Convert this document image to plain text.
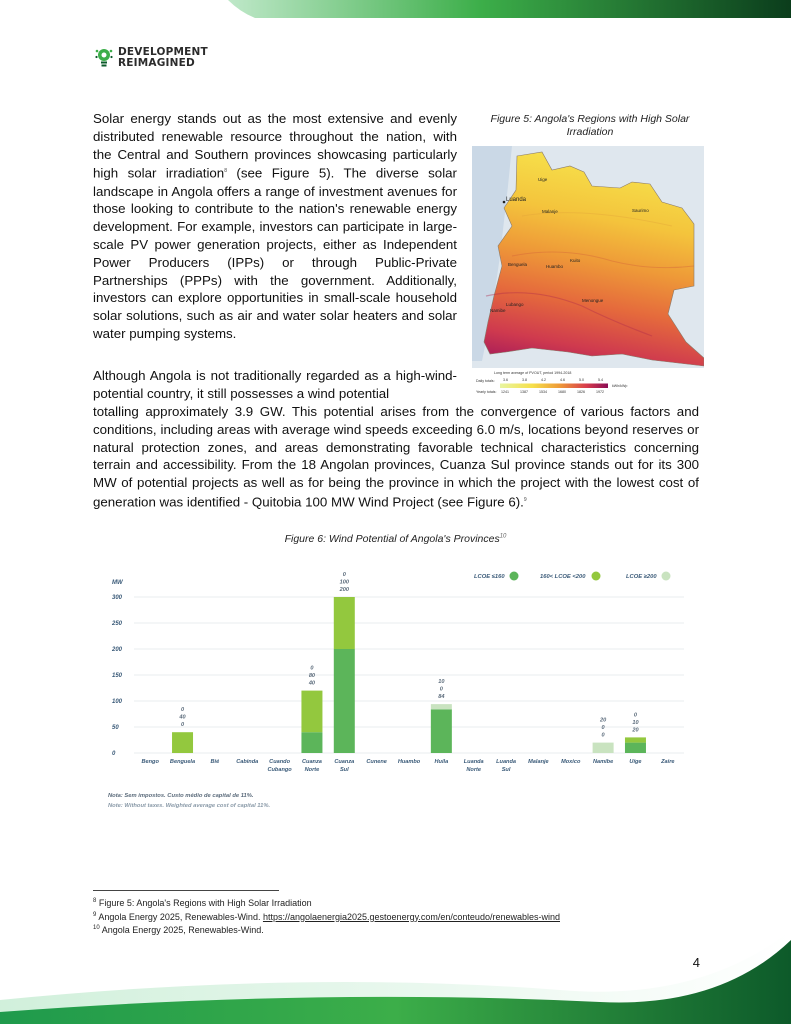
DEVELOPMENT
REIMAGINED

Solar energy stands out as the most extensive and evenly distributed renewable resource throughout the nation, with the Central and Southern provinces showcasing particularly high solar irradiation$^8$ (see Figure 5). The diverse solar landscape in Angola offers a range of investment avenues for those looking to contribute to the nation's renewable energy development. For example, investors can participate in large-scale PV power generation projects, either as Independent Power Producers (IPPs) or through Public-Private Partnerships (PPPs) with the government. Additionally, investors can explore opportunities in small-scale household solar solutions, such as air and water solar heaters and solar water pumping systems.

Figure 5: Angola's Regions with High Solar Irradiation
Luanda
Uige
Malanje
Huambo
Benguela
Kuito
Lubango
Menongue
Namibe
Saurimo
Long term average of PVOUT, period 1994-2018
Daily totals: 3.6	3.8	4.2	4.6	5.0	5.4
kWh/kWp
Yearly totals: 1241	1387	1534	1680	1826	1972

Although Angola is not traditionally regarded as a high-wind-potential country, it still possesses a wind potential

totalling approximately 3.9 GW. This potential arises from the convergence of various factors and conditions, including areas with average wind speeds exceeding 6.0 m/s, locations beyond reserves or natural protection zones, and areas demonstrating favorable technical characteristics concerning terrain and accessibility. From the 18 Angolan provinces, Cuanza Sul province stands out for its 300 MW of potential projects as well as for being the province in which the project with the lowest cost of generation was identified - Quitobia 100 MW Wind Project (see Figure 6).$^9$

Figure 6: Wind Potential of Angola's Provinces$^{10}$
MW
0
50
100
150
200
250
300
Bengo Benguela
0
40
0
Bié	Cabinda Cuando
Cubango
Cuanza
Norte
0
80
40
Cuanza
Sul
0
100
200
Cunene Huambo	Huíla
10
0
84
Luanda
Norte
Luanda
Sul
Malanje Moxico Namibe
20
0
0
Uíge
0
10
20
Zaire
LCOE ≤160	160< LCOE <200	LCOE ≥200
Nota: Sem impostos. Custo médio de capital de 11%.
Note: Without taxes. Weighted average cost of capital 11%.
$^8$ Figure 5: Angola's Regions with High Solar Irradiation
$^9$ Angola Energy 2025, Renewables-Wind. https://angolaenergia2025.gestoenergy.com/en/conteudo/renewables-wind
$^{10}$ Angola Energy 2025, Renewables-Wind.
4
